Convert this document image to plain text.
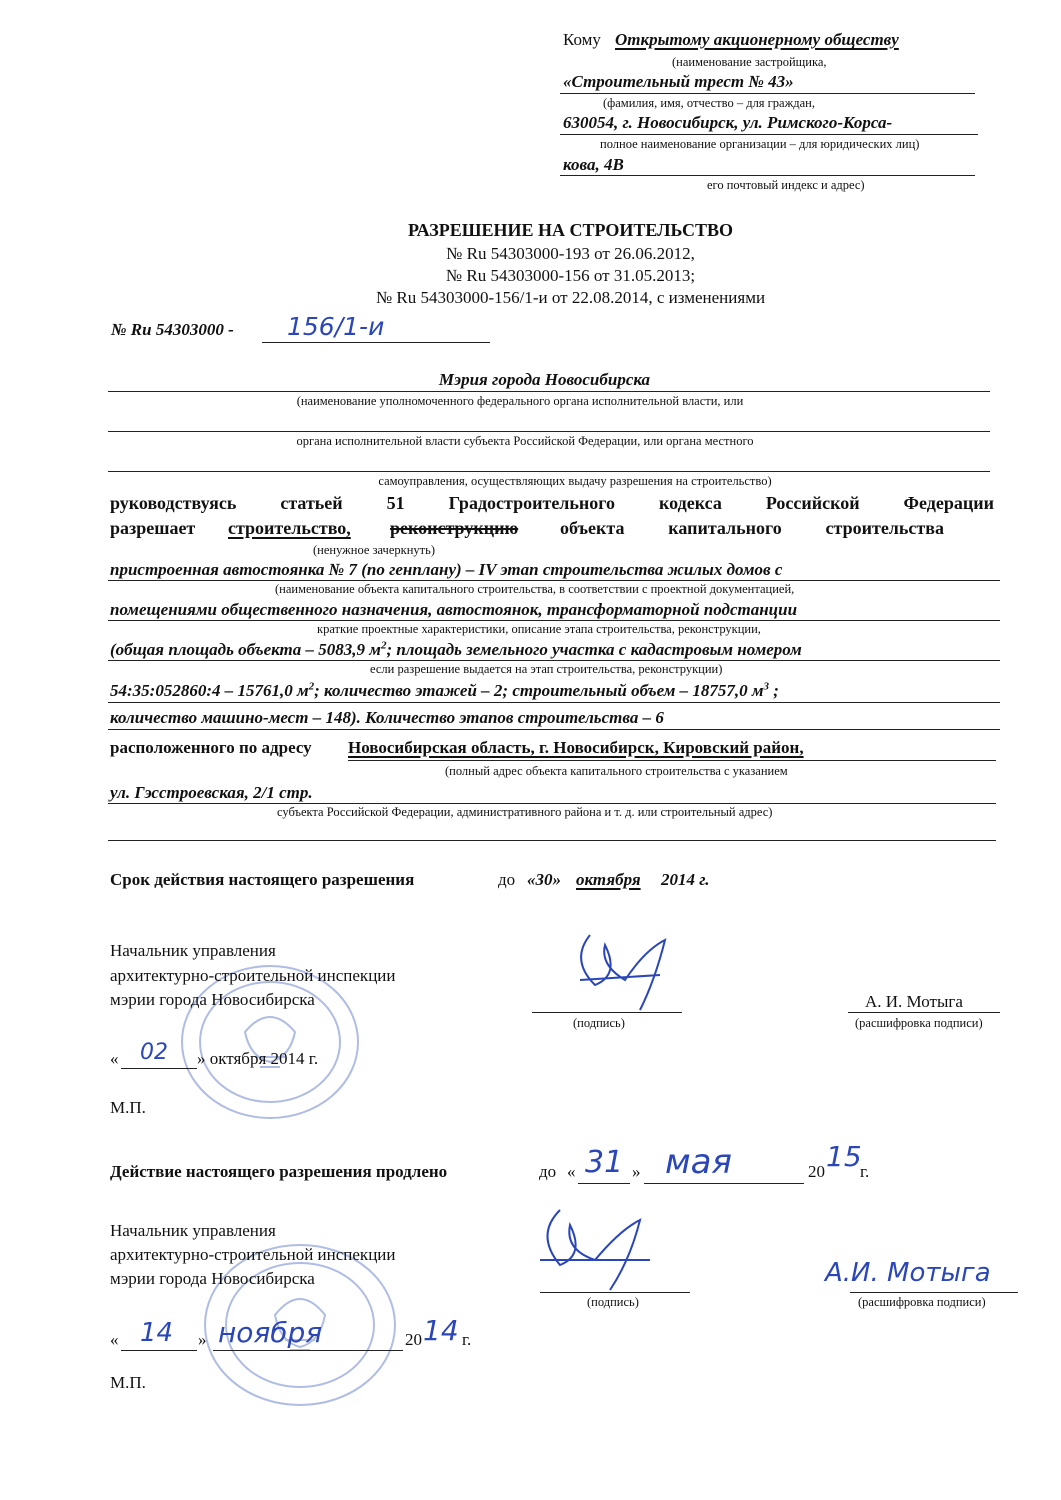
Кому Открытому акционерному обществу
(наименование застройщика,
«Строительный трест № 43»
(фамилия, имя, отчество – для граждан,
630054, г. Новосибирск, ул. Римского-Корса-
полное наименование организации – для юридических лиц)
кова, 4В
его почтовый индекс и адрес)
РАЗРЕШЕНИЕ НА СТРОИТЕЛЬСТВО
№ Ru 54303000-193 от 26.06.2012,
№ Ru 54303000-156 от 31.05.2013;
№ Ru 54303000-156/1-и от 22.08.2014, с изменениями
№ Ru 54303000 - 156/1-и
Мэрия города Новосибирска
(наименование уполномоченного федерального органа исполнительной власти, или
органа исполнительной власти субъекта Российской Федерации, или органа местного
самоуправления, осуществляющих выдачу разрешения на строительство)
руководствуясь статьей 51 Градостроительного кодекса Российской Федерации
разрешает строительство, реконструкцию объекта капитального строительства
(ненужное зачеркнуть)
пристроенная автостоянка № 7 (по генплану) – IV этап строительства жилых домов с
(наименование объекта капитального строительства, в соответствии с проектной документацией,
помещениями общественного назначения, автостоянок, трансформаторной подстанции
краткие проектные характеристики, описание этапа строительства, реконструкции,
(общая площадь объекта – 5083,9 $м^2$; площадь земельного участка с кадастровым номером
если разрешение выдается на этап строительства, реконструкции)
54:35:052860:4 – 15761,0 $м^2$; количество этажей – 2; строительный объем – 18757,0 $м^3$ ;
количество машино-мест – 148). Количество этапов строительства – 6
расположенного по адресу Новосибирская область, г. Новосибирск, Кировский район,
(полный адрес объекта капитального строительства с указанием
ул. Гэсстроевская, 2/1 стр.
субъекта Российской Федерации, административного района и т. д. или строительный адрес)
Срок действия настоящего разрешения	до «30» октября 2014 г.
Начальник управления
архитектурно-строительной инспекции
мэрии города Новосибирска
(подпись)
А. И. Мотыга
(расшифровка подписи)
« 02 » октября 2014 г.
М.П.
Действие настоящего разрешения продлено	до « 31 » мая	20 15
г.
Начальник управления
архитектурно-строительной инспекции
мэрии города Новосибирска
(подпись)
А.И. Мотыга
(расшифровка подписи)
« 14 » ноября	20 14 г.
М.П.
